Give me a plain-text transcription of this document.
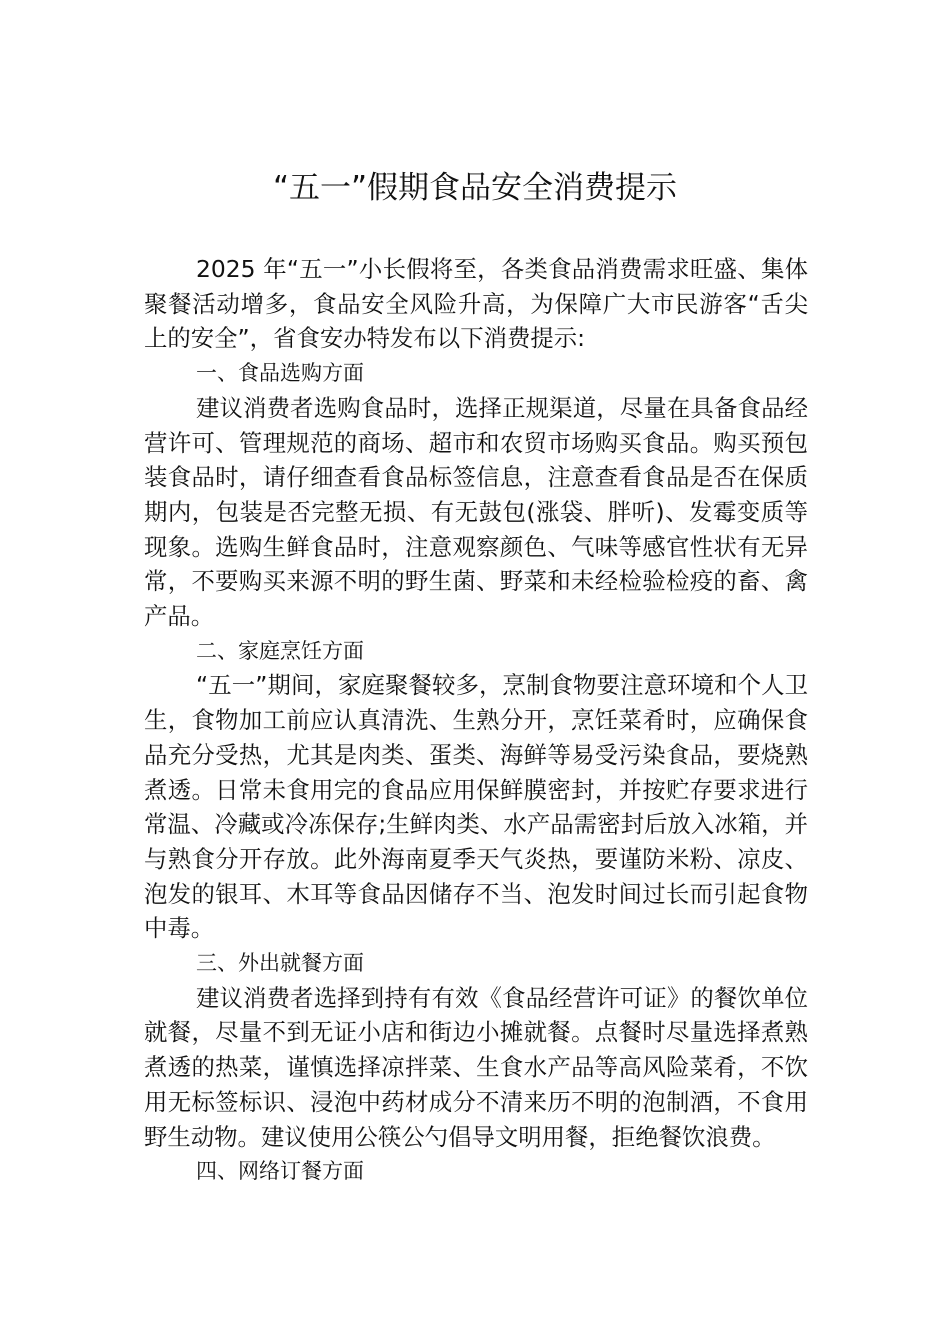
“五一”假期食品安全消费提示

2025 年“五一”小长假将至，各类食品消费需求旺盛、集体聚餐活动增多，食品安全风险升高，为保障广大市民游客“舌尖上的安全”，省食安办特发布以下消费提示:

一、食品选购方面

建议消费者选购食品时，选择正规渠道，尽量在具备食品经营许可、管理规范的商场、超市和农贸市场购买食品。购买预包装食品时，请仔细查看食品标签信息，注意查看食品是否在保质期内，包装是否完整无损、有无鼓包(涨袋、胖听)、发霉变质等现象。选购生鲜食品时，注意观察颜色、气味等感官性状有无异常，不要购买来源不明的野生菌、野菜和未经检验检疫的畜、禽产品。

二、家庭烹饪方面

“五一”期间，家庭聚餐较多，烹制食物要注意环境和个人卫生，食物加工前应认真清洗、生熟分开，烹饪菜肴时，应确保食品充分受热，尤其是肉类、蛋类、海鲜等易受污染食品，要烧熟煮透。日常未食用完的食品应用保鲜膜密封，并按贮存要求进行常温、冷藏或冷冻保存;生鲜肉类、水产品需密封后放入冰箱，并与熟食分开存放。此外海南夏季天气炎热，要谨防米粉、凉皮、泡发的银耳、木耳等食品因储存不当、泡发时间过长而引起食物中毒。

三、外出就餐方面

建议消费者选择到持有有效《食品经营许可证》的餐饮单位就餐，尽量不到无证小店和街边小摊就餐。点餐时尽量选择煮熟煮透的热菜，谨慎选择凉拌菜、生食水产品等高风险菜肴，不饮用无标签标识、浸泡中药材成分不清来历不明的泡制酒，不食用野生动物。建议使用公筷公勺倡导文明用餐，拒绝餐饮浪费。

四、网络订餐方面
